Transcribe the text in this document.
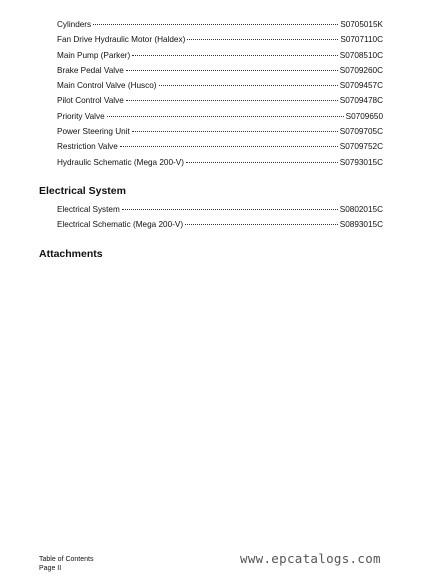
Cylinders	S0705015K
Fan Drive Hydraulic Motor (Haldex)	S0707110C
Main Pump (Parker)	S0708510C
Brake Pedal Valve	S0709260C
Main Control Valve (Husco)	S0709457C
Pilot Control Valve	S0709478C
Priority Valve	S0709650
Power Steering Unit	S0709705C
Restriction Valve	S0709752C
Hydraulic Schematic (Mega 200-V)	S0793015C
Electrical System
Electrical System	S0802015C
Electrical Schematic (Mega 200-V)	S0893015C
Attachments
Table of Contents
Page II
www.epcatalogs.com
